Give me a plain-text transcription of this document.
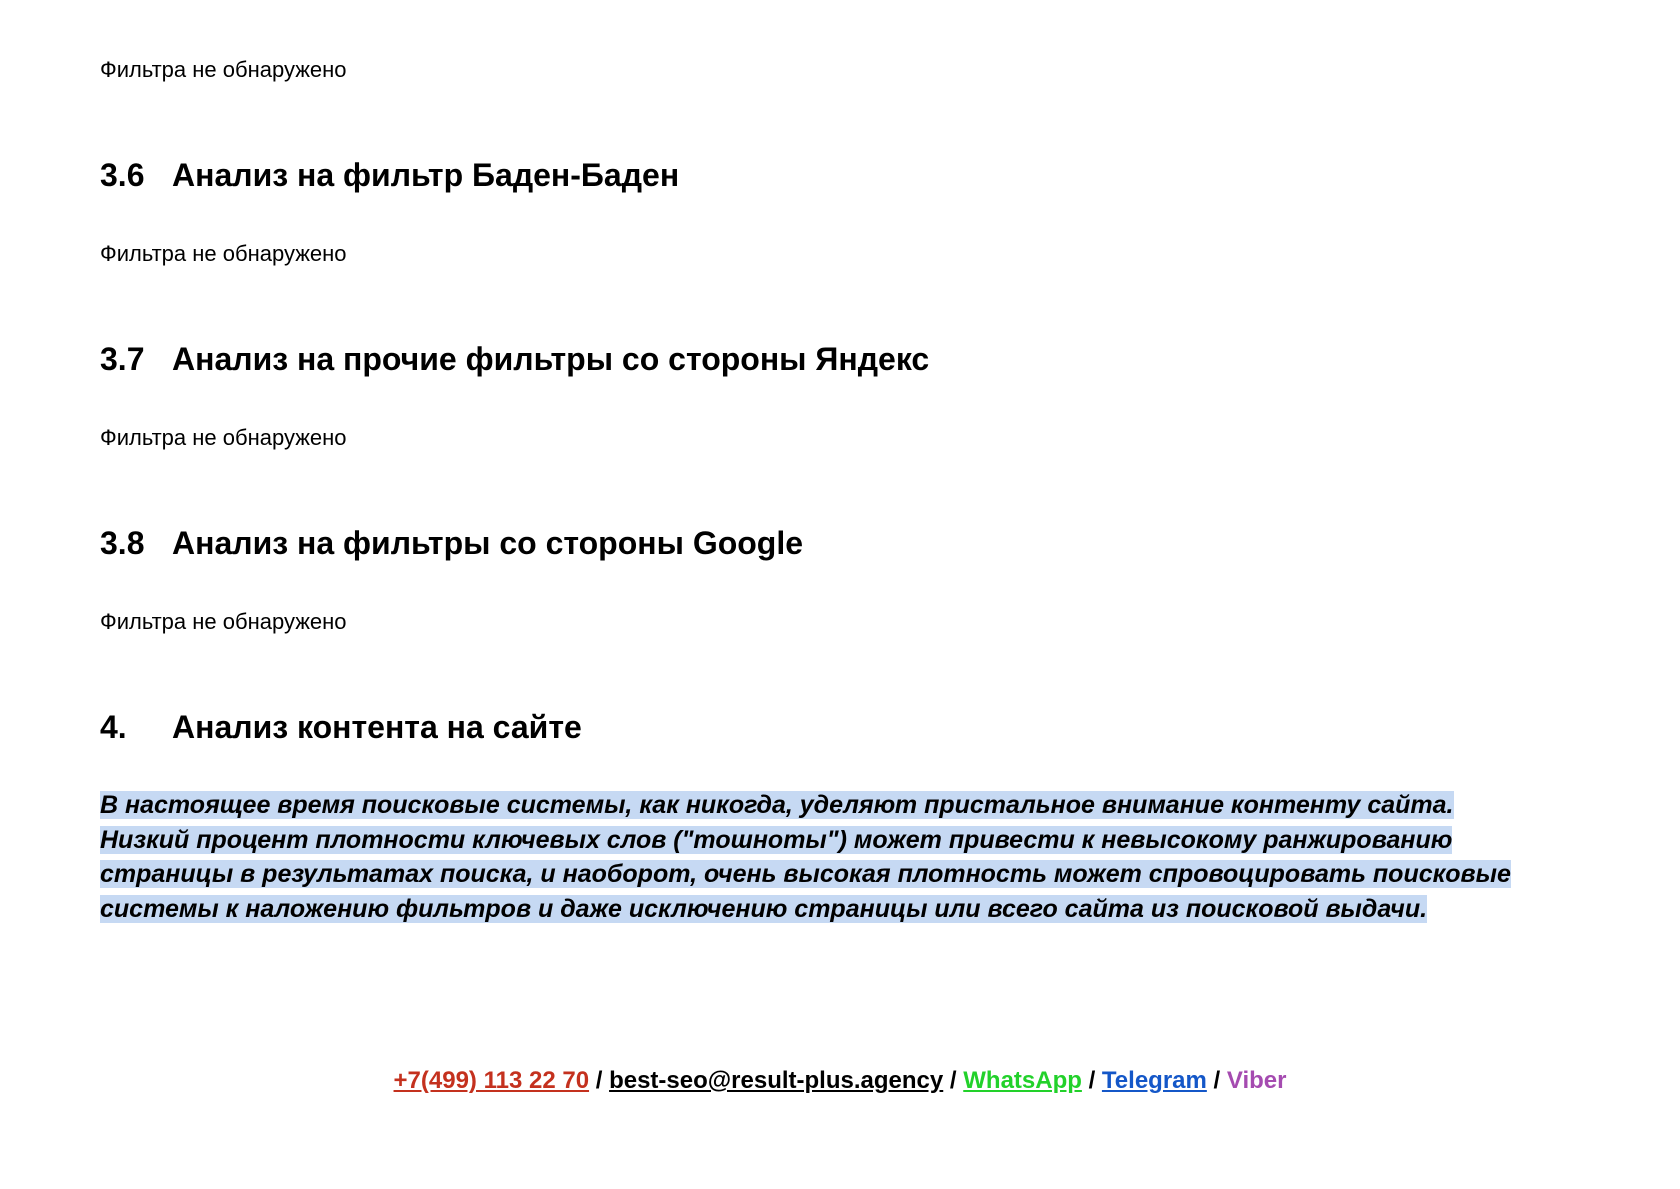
Фильтра не обнаружено

3.6 Анализ на фильтр Баден-Баден

Фильтра не обнаружено

3.7 Анализ на прочие фильтры со стороны Яндекс

Фильтра не обнаружено

3.8 Анализ на фильтры со стороны Google

Фильтра не обнаружено

4. Анализ контента на сайте

В настоящее время поисковые системы, как никогда, уделяют пристальное внимание контенту сайта. Низкий процент плотности ключевых слов ("тошноты") может привести к невысокому ранжированию страницы в результатах поиска, и наоборот, очень высокая плотность может спровоцировать поисковые системы к наложению фильтров и даже исключению страницы или всего сайта из поисковой выдачи.

+7(499) 113 22 70 / best-seo@result-plus.agency / WhatsApp / Telegram / Viber
